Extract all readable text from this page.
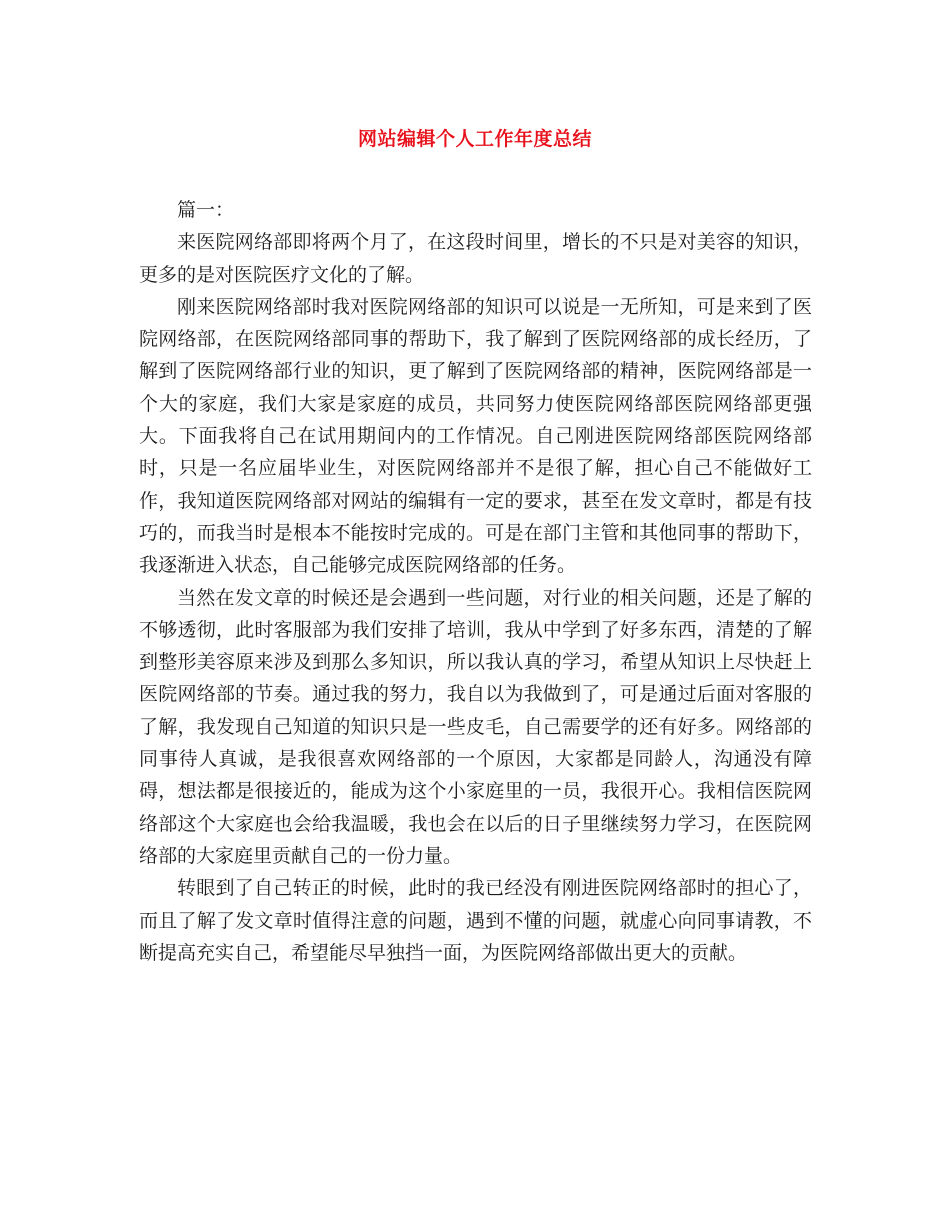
网站编辑个人工作年度总结

篇一：

来医院网络部即将两个月了，在这段时间里，增长的不只是对美容的知识，更多的是对医院医疗文化的了解。

刚来医院网络部时我对医院网络部的知识可以说是一无所知，可是来到了医院网络部，在医院网络部同事的帮助下，我了解到了医院网络部的成长经历，了解到了医院网络部行业的知识，更了解到了医院网络部的精神，医院网络部是一个大的家庭，我们大家是家庭的成员，共同努力使医院网络部医院网络部更强大。下面我将自己在试用期间内的工作情况。自己刚进医院网络部医院网络部时，只是一名应届毕业生，对医院网络部并不是很了解，担心自己不能做好工作，我知道医院网络部对网站的编辑有一定的要求，甚至在发文章时，都是有技巧的，而我当时是根本不能按时完成的。可是在部门主管和其他同事的帮助下，我逐渐进入状态，自己能够完成医院网络部的任务。

当然在发文章的时候还是会遇到一些问题，对行业的相关问题，还是了解的不够透彻，此时客服部为我们安排了培训，我从中学到了好多东西，清楚的了解到整形美容原来涉及到那么多知识，所以我认真的学习，希望从知识上尽快赶上医院网络部的节奏。通过我的努力，我自以为我做到了，可是通过后面对客服的了解，我发现自己知道的知识只是一些皮毛，自己需要学的还有好多。网络部的同事待人真诚，是我很喜欢网络部的一个原因，大家都是同龄人，沟通没有障碍，想法都是很接近的，能成为这个小家庭里的一员，我很开心。我相信医院网络部这个大家庭也会给我温暖，我也会在以后的日子里继续努力学习，在医院网络部的大家庭里贡献自己的一份力量。

转眼到了自己转正的时候，此时的我已经没有刚进医院网络部时的担心了，而且了解了发文章时值得注意的问题，遇到不懂的问题，就虚心向同事请教，不断提高充实自己，希望能尽早独挡一面，为医院网络部做出更大的贡献。
